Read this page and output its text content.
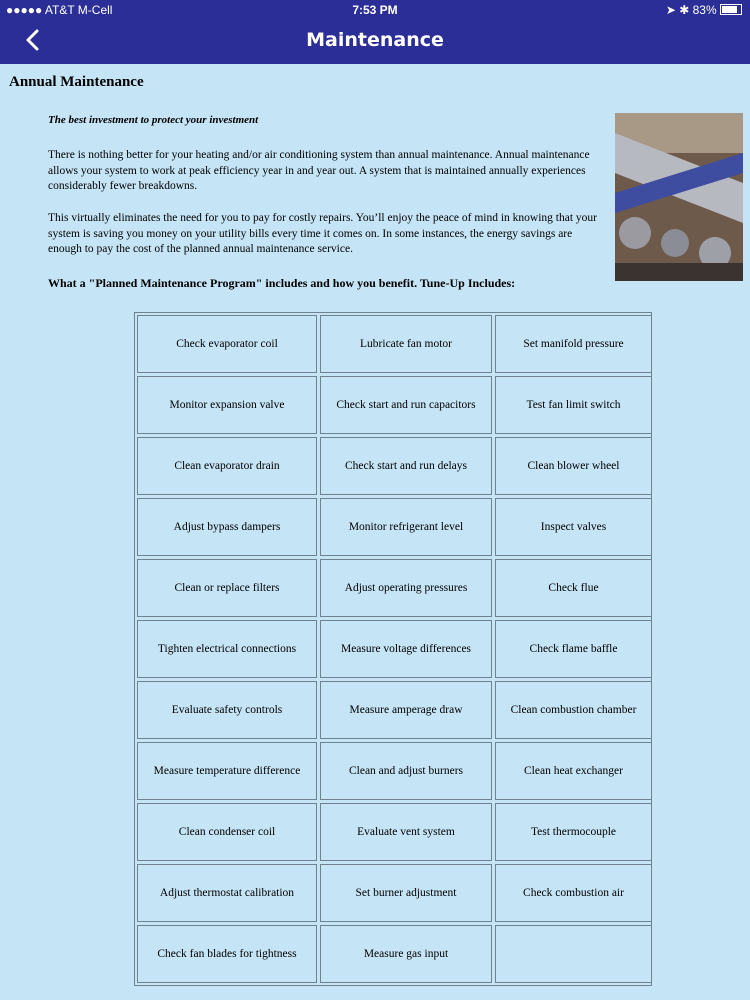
●●●●● AT&T M-Cell	7:53 PM	➤ ✱ 83%
Maintenance
Annual Maintenance
The best investment to protect your investment
There is nothing better for your heating and/or air conditioning system than annual maintenance. Annual maintenance allows your system to work at peak efficiency year in and year out. A system that is maintained annually experiences considerably fewer breakdowns.
This virtually eliminates the need for you to pay for costly repairs. You’ll enjoy the peace of mind in knowing that your system is saving you money on your utility bills every time it comes on. In some instances, the energy savings are enough to pay the cost of the planned annual maintenance service.
What a "Planned Maintenance Program" includes and how you benefit. Tune-Up Includes:
Check evaporator coil	Lubricate fan motor	Set manifold pressure
Monitor expansion valve	Check start and run capacitors	Test fan limit switch
Clean evaporator drain	Check start and run delays	Clean blower wheel
Adjust bypass dampers	Monitor refrigerant level	Inspect valves
Clean or replace filters	Adjust operating pressures	Check flue
Tighten electrical connections	Measure voltage differences	Check flame baffle
Evaluate safety controls	Measure amperage draw	Clean combustion chamber
Measure temperature difference	Clean and adjust burners	Clean heat exchanger
Clean condenser coil	Evaluate vent system	Test thermocouple
Adjust thermostat calibration	Set burner adjustment	Check combustion air
Check fan blades for tightness	Measure gas input
